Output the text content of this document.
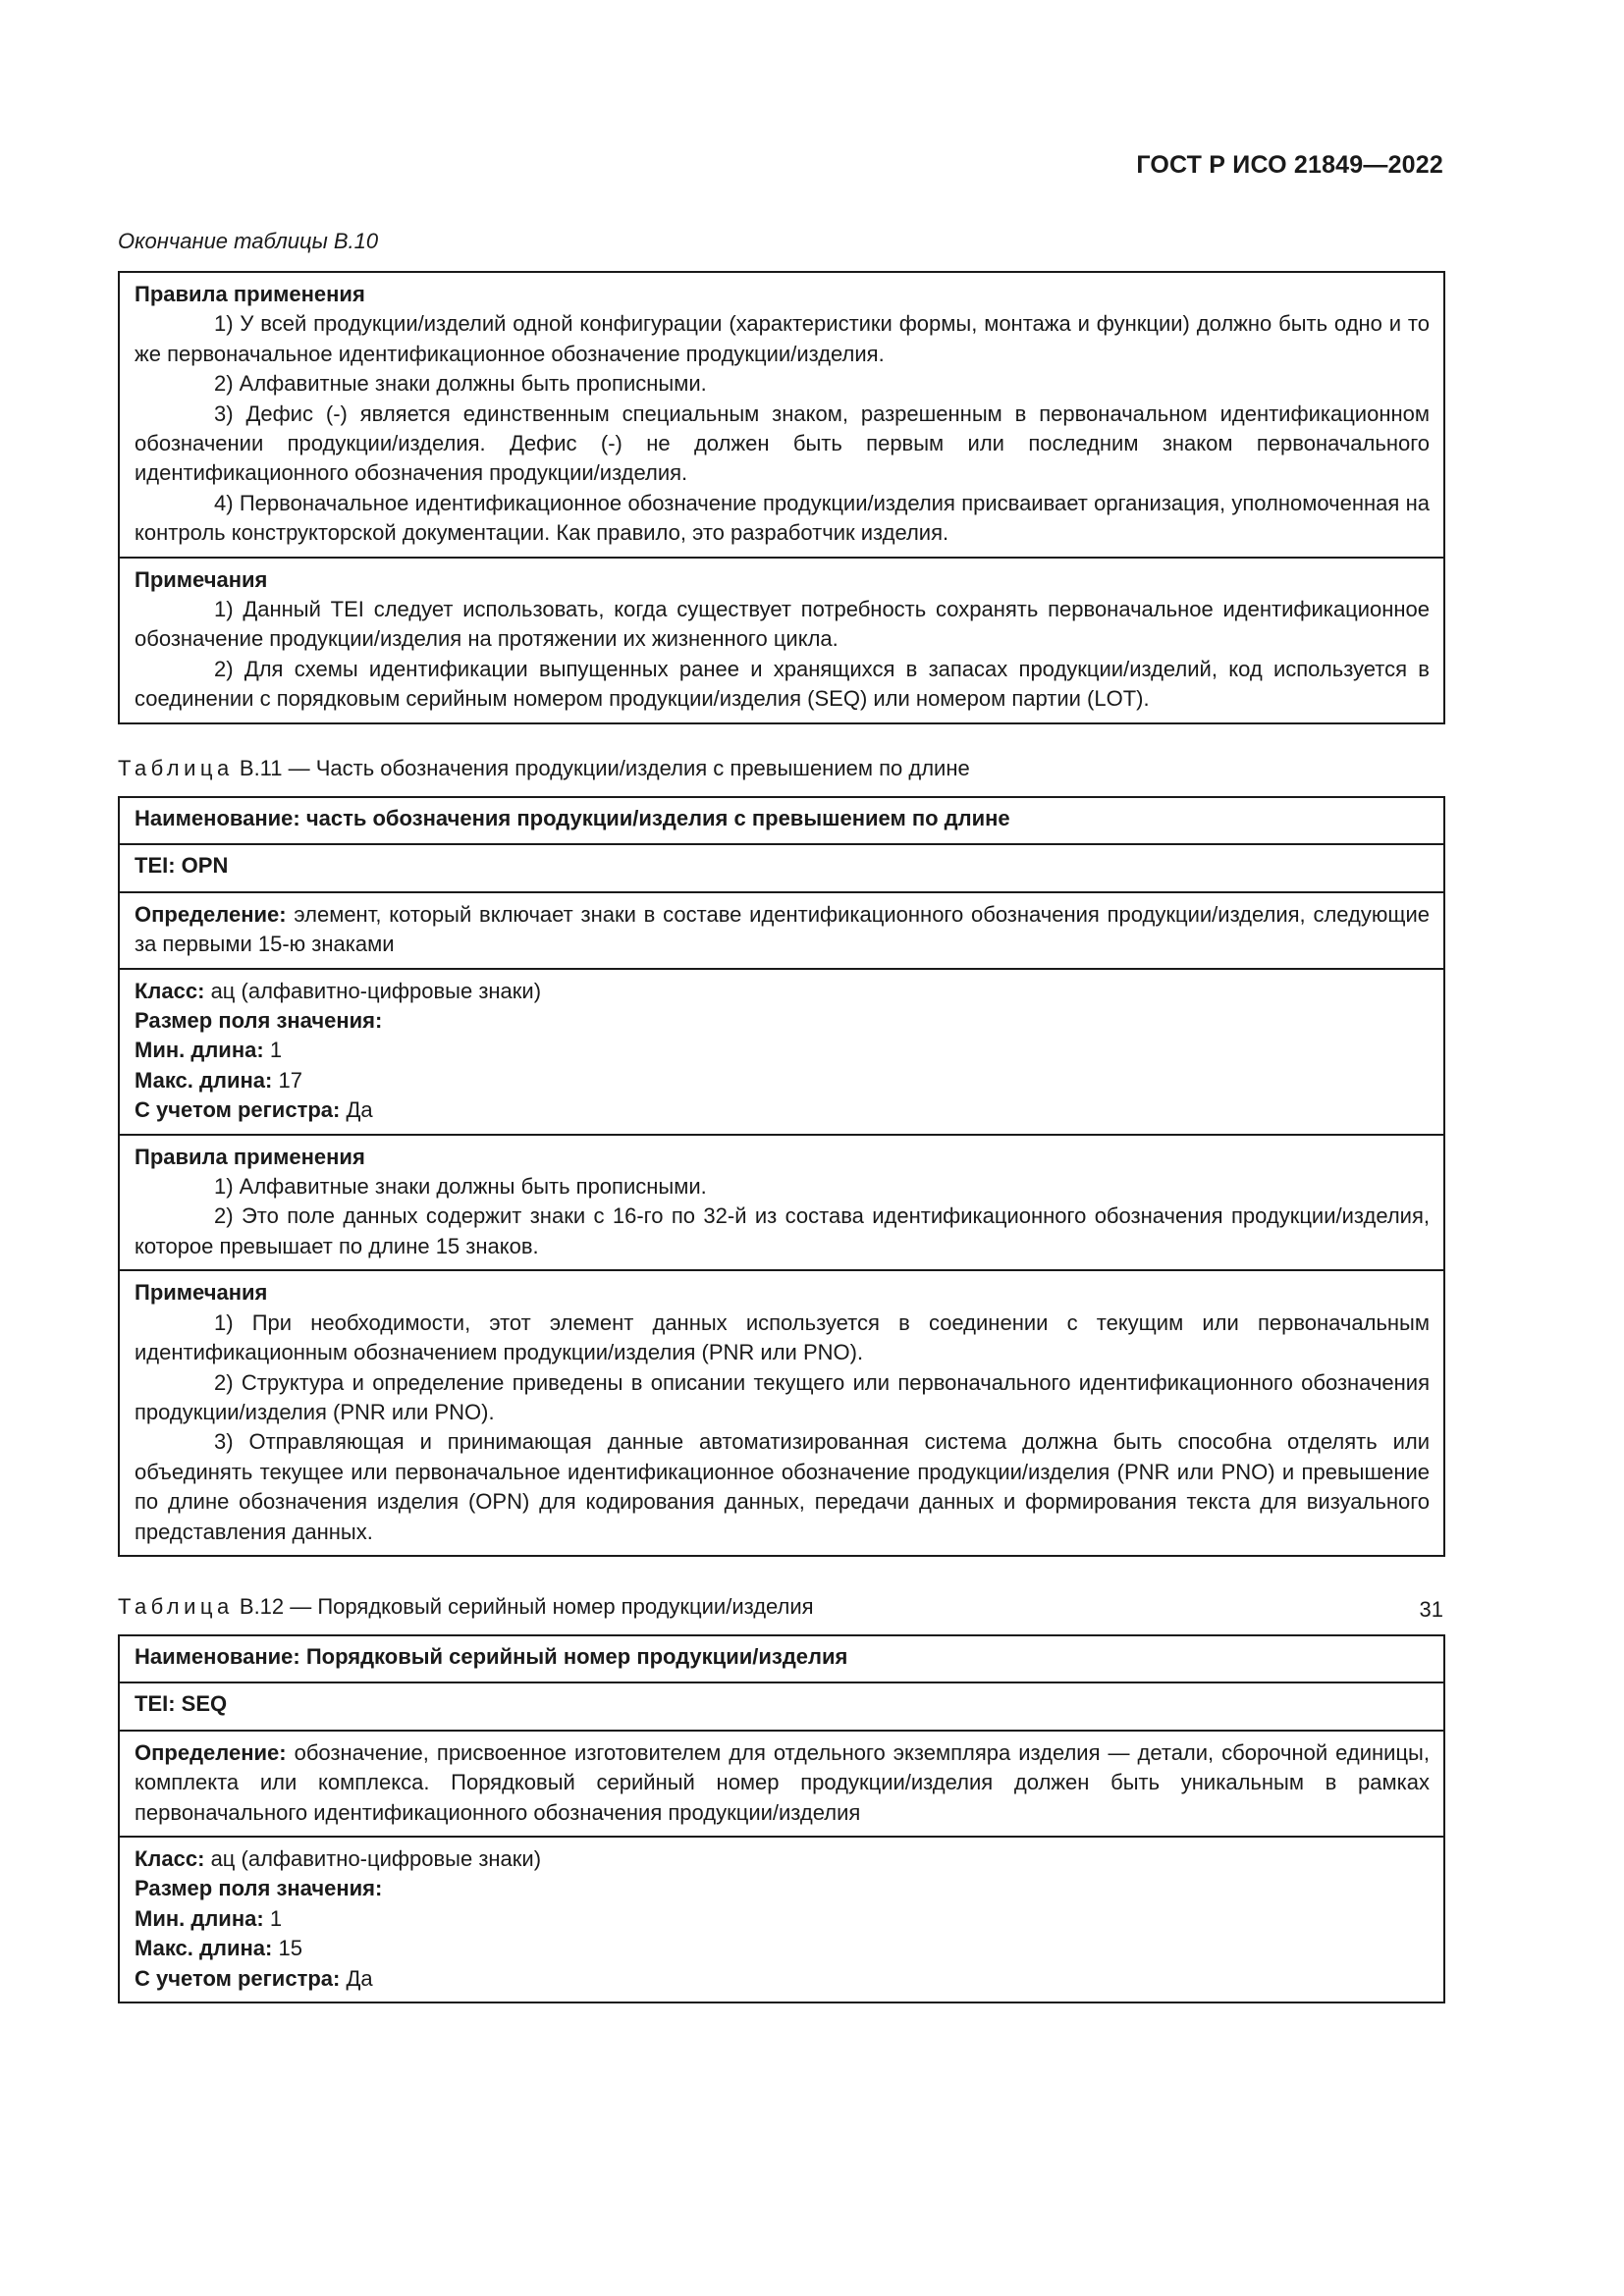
ГОСТ Р ИСО 21849—2022
Окончание таблицы В.10
Правила применения

1) У всей продукции/изделий одной конфигурации (характеристики формы, монтажа и функции) должно быть одно и то же первоначальное идентификационное обозначение продукции/изделия.

2) Алфавитные знаки должны быть прописными.

3) Дефис (-) является единственным специальным знаком, разрешенным в первоначальном идентификационном обозначении продукции/изделия. Дефис (-) не должен быть первым или последним знаком первоначального идентификационного обозначения продукции/изделия.

4) Первоначальное идентификационное обозначение продукции/изделия присваивает организация, уполномоченная на контроль конструкторской документации. Как правило, это разработчик изделия.

Примечания

1) Данный TEI следует использовать, когда существует потребность сохранять первоначальное идентификационное обозначение продукции/изделия на протяжении их жизненного цикла.

2) Для схемы идентификации выпущенных ранее и хранящихся в запасах продукции/изделий, код используется в соединении с порядковым серийным номером продукции/изделия (SEQ) или номером партии (LOT).

Таблица В.11 — Часть обозначения продукции/изделия с превышением по длине
Наименование: часть обозначения продукции/изделия с превышением по длине
TEI: OPN
Определение: элемент, который включает знаки в составе идентификационного обозначения продукции/изделия, следующие за первыми 15-ю знаками
Класс: ац (алфавитно-цифровые знаки)
Размер поля значения:
Мин. длина: 1
Макс. длина: 17
С учетом регистра: Да
Правила применения

1) Алфавитные знаки должны быть прописными.

2) Это поле данных содержит знаки с 16-го по 32-й из состава идентификационного обозначения продукции/изделия, которое превышает по длине 15 знаков.

Примечания

1) При необходимости, этот элемент данных используется в соединении с текущим или первоначальным идентификационным обозначением продукции/изделия (PNR или PNO).

2) Структура и определение приведены в описании текущего или первоначального идентификационного обозначения продукции/изделия (PNR или PNO).

3) Отправляющая и принимающая данные автоматизированная система должна быть способна отделять или объединять текущее или первоначальное идентификационное обозначение продукции/изделия (PNR или PNO) и превышение по длине обозначения изделия (OPN) для кодирования данных, передачи данных и формирования текста для визуального представления данных.

Таблица В.12 — Порядковый серийный номер продукции/изделия
Наименование: Порядковый серийный номер продукции/изделия
TEI: SEQ
Определение: обозначение, присвоенное изготовителем для отдельного экземпляра изделия — детали, сборочной единицы, комплекта или комплекса. Порядковый серийный номер продукции/изделия должен быть уникальным в рамках первоначального идентификационного обозначения продукции/изделия
Класс: ац (алфавитно-цифровые знаки)
Размер поля значения:
Мин. длина: 1
Макс. длина: 15
С учетом регистра: Да
31
